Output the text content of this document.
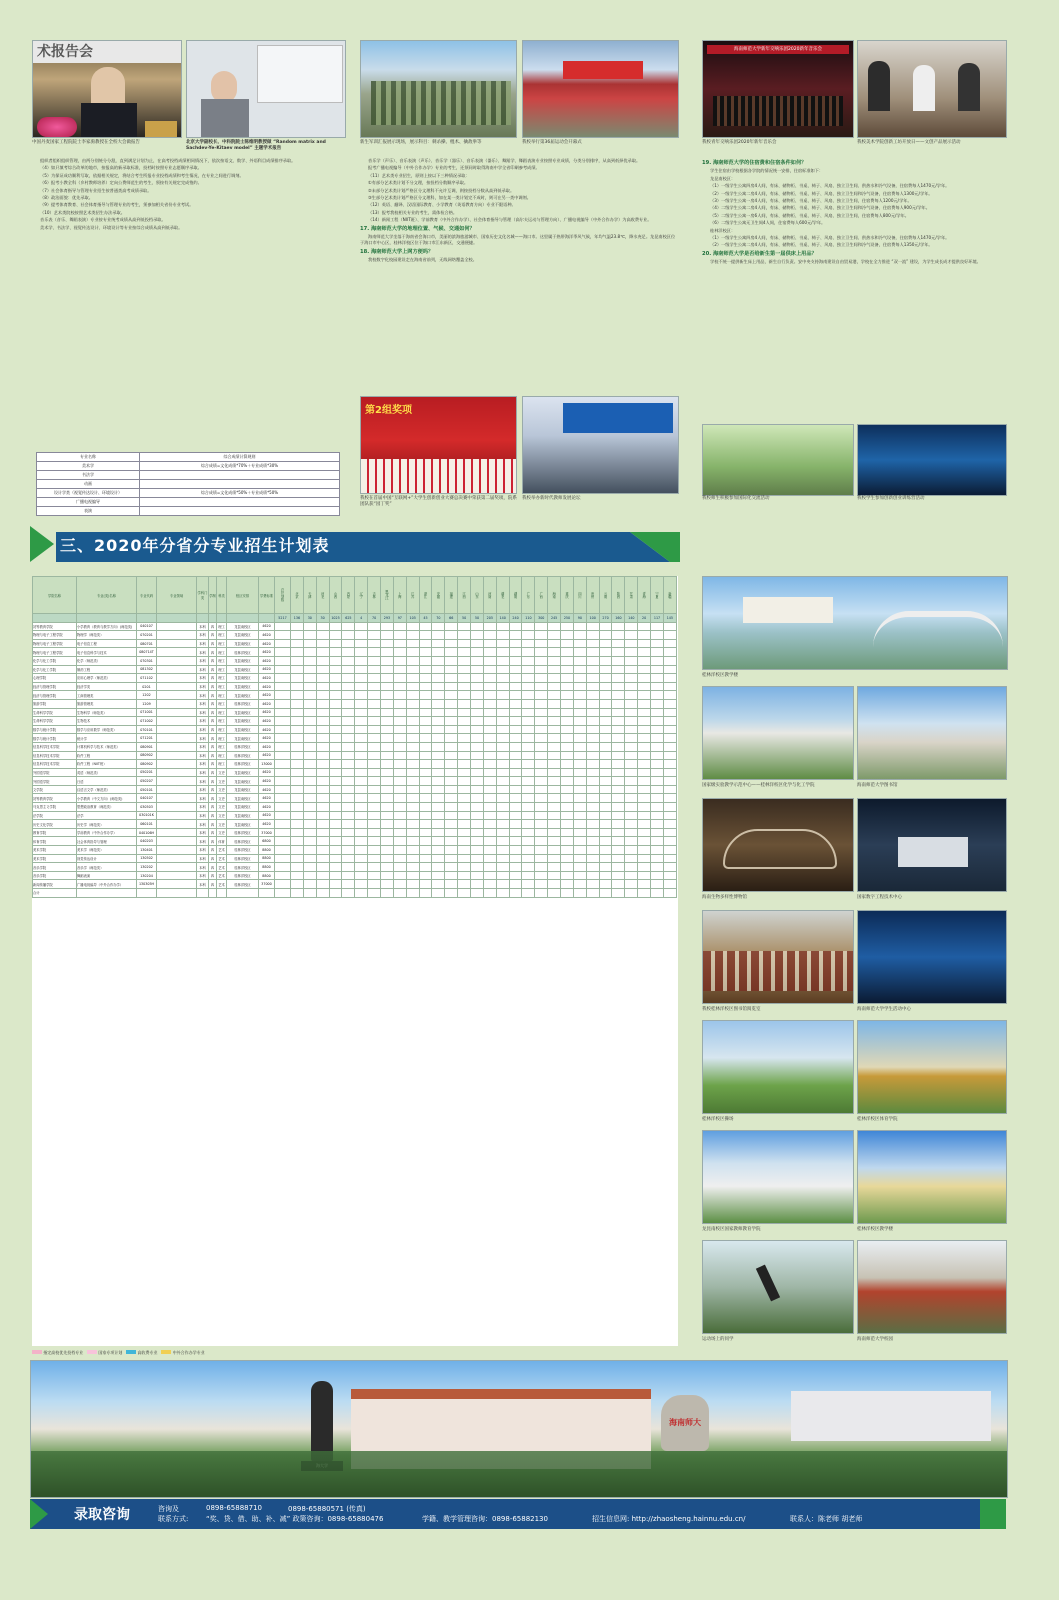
术报告会	海南师范大学新年交响乐团2020新年音乐会
中国丹麦国家工程院院士李家驹教授在全校大会做报告	北京大学副校长、中科院院士陈维明教授做 “Random matrix and Sachdev-Ye-Kitaev model” 主题学术报告
新生军训汇报展示现场，展示科目：刺杀操、棍术、擒敌拳等	我校举行第36届运动会开幕式	我校青年交响乐团2020年新年音乐会	我校美术学院创新工坊开放日——文创产品展示活动

组织者组织组织管理，由两分别统分分派，直到满足计划为止，在高考投档成绩相同情况下，依次按语文、数学、外语科目成绩排序录取。

（4）如只填考综合改革的地市，按报高的新录取标准，投档时按照专业志愿顺序录取。

（5）为保证成功顺利写取，依据相关规定，将结合考生所报专业投档成绩和考生情况，在专业之间进行调剂。

（6）报考小教全科（乡村教师培养）定向公费师范生的考生，须按有关规定完成签约。

（7）社会体育指导与管理专业招生按普通类高考成绩录取。

（8）政治面貌：优先录取。

（9）提考体育教育、社会体育指导与管理专业的考生，须参加相关省份专业考试。

（10）艺术类院校按照艺术类招生办法录取。

音乐表（音乐、舞蹈表演）专业按专业统考成绩从高到低投档录取。

美术学、书法学、视觉传达设计、环境设计等专业按综合成绩从高到低录取。

专业名称	综合成绩计算规则
美术学	综合成绩=文化成绩*70%＋专业成绩*30%
书法学	
动画	
设计学类（视觉传达设计、环境设计）	综合成绩=文化成绩*50%＋专业成绩*50%
广播电视编导	
表演	

音乐学（声乐）、音乐表演（声乐）、音乐学（器乐）、音乐表演（器乐）、舞蹈学、舞蹈表演专业按照专业成绩，分类分别排序，从高到低择优录取。

报考广播电视编导（中外合作办学）专业的考生，还须同时取得海南中学全省印刷参考成绩。

（11）艺术类专业招生，原则上按以下三种情况录取：

①有部分艺术类计划不分文理，按投档分数顺序录取。

②未部分艺术类计划严格区分文理科不允许互调，则按投档分数从高到低录取。

③生部分艺术类计划严格区分文理科，如在某一类计划完不成时，则可在另一类中调剂。

（12）英语、翻译、汉语国际教育、小学教育（英语教育方向）专业不限语种。

（13）报考我校相关专业的考生，需体检合格。

（14）新闻工程（NIIT班）、学前教育（中外合作办学）、社会体育指导与管理（高尔夫运动与管理方向）、广播电视编导（中外合作办学）为高收费专业。

17. 海南师范大学的地理位置、气候、交通如何？

海南师范大学坐落于海南省会海口市，美丽的滨海旅游城市、国家历史文化名城——海口市。这里属于热带海洋季风气候，年均气温23.8℃，降水充足。龙昆南校区位于海口市中心区，桂林洋校区位于海口市江东新区，交通便捷。

18. 海南师范大学上网方便吗？

我校数字化校园建设走在海南省前列，无线网络覆盖全校。

19. 海南师范大学的住宿费和住宿条件如何？

学生住宿由学校根据各学院的情况统一安排，住宿标准如下：

龙昆南校区：

（1）一级学生公寓四房4人间，有床、储物柜、书桌、椅子、风扇、独立卫生间、供热水和冷气设备，住宿费每人1470元/学年。

（2）一级学生公寓二房4人间，有床、储物柜、书桌、椅子、风扇、独立卫生间和冷气设备，住宿费每人1300元/学年。

（3）一级学生公寓一房4人间，有床、储物柜、书桌、椅子、风扇、独立卫生间，住宿费每人1200元/学年。

（4）二级学生公寓二房4人间，有床、储物柜、书桌、椅子、风扇、独立卫生间和冷气设备，住宿费每人900元/学年。

（5）二级学生公寓一房6人间，有床、储物柜、书桌、椅子、风扇、独立卫生间，住宿费每人800元/学年。

（6）二级学生公寓无卫生间4人间，住宿费每人600元/学年。

桂林洋校区：

（1）一级学生公寓四房4人间，有床、储物柜、书桌、椅子、风扇、独立卫生间、供热水和冷气设备，住宿费每人1470元/学年。

（2）一级学生公寓二房4人间，有床、储物柜、书桌、椅子、风扇、独立卫生间和冷气设备，住宿费每人1350元/学年。

20. 海南师范大学是否给新生第一届供床上用品？

学校不统一提供新生床上用品，新生自行负责。安中央支持海南建设自由贸易港，学校在全力推进 “双一流” 建设，为学生成长成才提供良好环境。

第2组奖项
我校在首届中国“互联网+”大学生创新创业大赛总决赛中荣获第二届奖项，院系团队获“园丁奖”
我校举办新时代教师发展论坛	我校师生积极参加国际化交流活动	我校学生参加创新创业训练营活动
三、2020年分省分专业招生计划表
学院名称	专业(类)名称	专业代码	专业领域	学科门类	学制	科类	校区安排	学费标准	总计划数	北京	天津	河北	山西	内蒙	辽宁	吉林	黑龙江	上海	江苏	浙江	安徽	福建	江西	山东	河南	湖北	湖南	广东	广西	海南	重庆	四川	贵州	云南	陕西	甘肃	青海	宁夏	新疆
									5217	136	30	30	1025	625	4	70	293	97	105	45	70	66	50	50	205	140	240	110	300	245	250	90	100	270	160	140	20	117	145
初等教育学院	小学教育（教育与教学方向）(师范类)	040107		本科	四	理工	龙昆南校区	4620																															
物理与电子工程学院	物理学（师范类）	070201		本科	四	理工	龙昆南校区	4620																															
物理与电子工程学院	电子信息工程	080701		本科	四	理工	龙昆南校区	4620																															
物理与电子工程学院	电子信息科学与技术	080714T		本科	四	理工	桂林洋校区	4620																															
化学与化工学院	化学（师范类）	070301		本科	四	理工	龙昆南校区	4620																															
化学与化工学院	制药工程	081302		本科	四	理工	龙昆南校区	4620																															
心理学院	应用心理学（师范类）	071102		本科	四	理工	龙昆南校区	4620																															
经济与管理学院	经济学类	0201		本科	四	理工	龙昆南校区	4620																															
经济与管理学院	工商管理类	1202		本科	四	理工	龙昆南校区	4620																															
旅游学院	旅游管理类	1209		本科	四	理工	桂林洋校区	4620																															
生命科学学院	生物科学（师范类）	071001		本科	四	理工	龙昆南校区	4620																															
生命科学学院	生物技术	071002		本科	四	理工	龙昆南校区	4620																															
数学与统计学院	数学与应用数学（师范类）	070101		本科	四	理工	龙昆南校区	4620																															
数学与统计学院	统计学	071201		本科	四	理工	龙昆南校区	4620																															
信息科学技术学院	计算机科学与技术（师范类）	080901		本科	四	理工	桂林洋校区	4620																															
信息科学技术学院	软件工程	080902		本科	四	理工	桂林洋校区	4620																															
信息科学技术学院	软件工程（NIIT班）	080902		本科	四	理工	桂林洋校区	13000																															
外国语学院	英语（师范类）	050201		本科	四	文史	龙昆南校区	4620																															
外国语学院	日语	050207		本科	四	文史	龙昆南校区	4620																															
文学院	汉语言文学（师范类）	050101		本科	四	文史	龙昆南校区	4620																															
初等教育学院	小学教育（中文方向）(师范类)	040107		本科	四	文史	龙昆南校区	4620																															
马克思主义学院	思想政治教育（师范类）	030503		本科	四	文史	龙昆南校区	4620																															
法学院	法学	030101K		本科	四	文史	龙昆南校区	4620																															
历史文化学院	历史学（师范类）	060101		本科	四	文史	龙昆南校区	4620																															
教育学院	学前教育（中外合作办学）	040106H		本科	四	文史	桂林洋校区	37000																															
体育学院	社会体育指导与管理	040203		本科	四	体育	桂林洋校区	6800																															
美术学院	美术学（师范类）	130401		本科	四	艺术	桂林洋校区	8800																															
美术学院	视觉传达设计	130502		本科	四	艺术	桂林洋校区	8800																															
音乐学院	音乐学（师范类）	130202		本科	四	艺术	桂林洋校区	8800																															
音乐学院	舞蹈表演	130204		本科	四	艺术	桂林洋校区	8800																															
新闻传播学院	广播电视编导（中外合作办学）	130305H		本科	四	艺术	桂林洋校区	37000																															
合计																																							
指定高校优先投档专业	国家专项计划	高收费专业	中外合作办学专业
桂林洋校区教学楼
国家级实验教学示范中心——桂林洋校区化学与化工学院	海南师范大学图书馆
海南生物多样性博物馆	国家数字工程技术中心
我校桂林洋校区图书馆阅览室	海南师范大学学生活动中心
桂林洋校区操场	桂林洋校区体育学院
龙昆南校区国家教师教育学院	桂林洋校区教学楼
运动场上的同学	海南师范大学校园
海南师大
录取咨询	咨询及
联系方式:
0898-65888710	0898-65880571 (传真)
“奖、贷、借、助、补、减” 政策咨询：0898-65880476	学籍、教学管理咨询：0898-65882130	招生信息网: http://zhaosheng.hainnu.edu.cn/	联系人：陈老师 胡老师
